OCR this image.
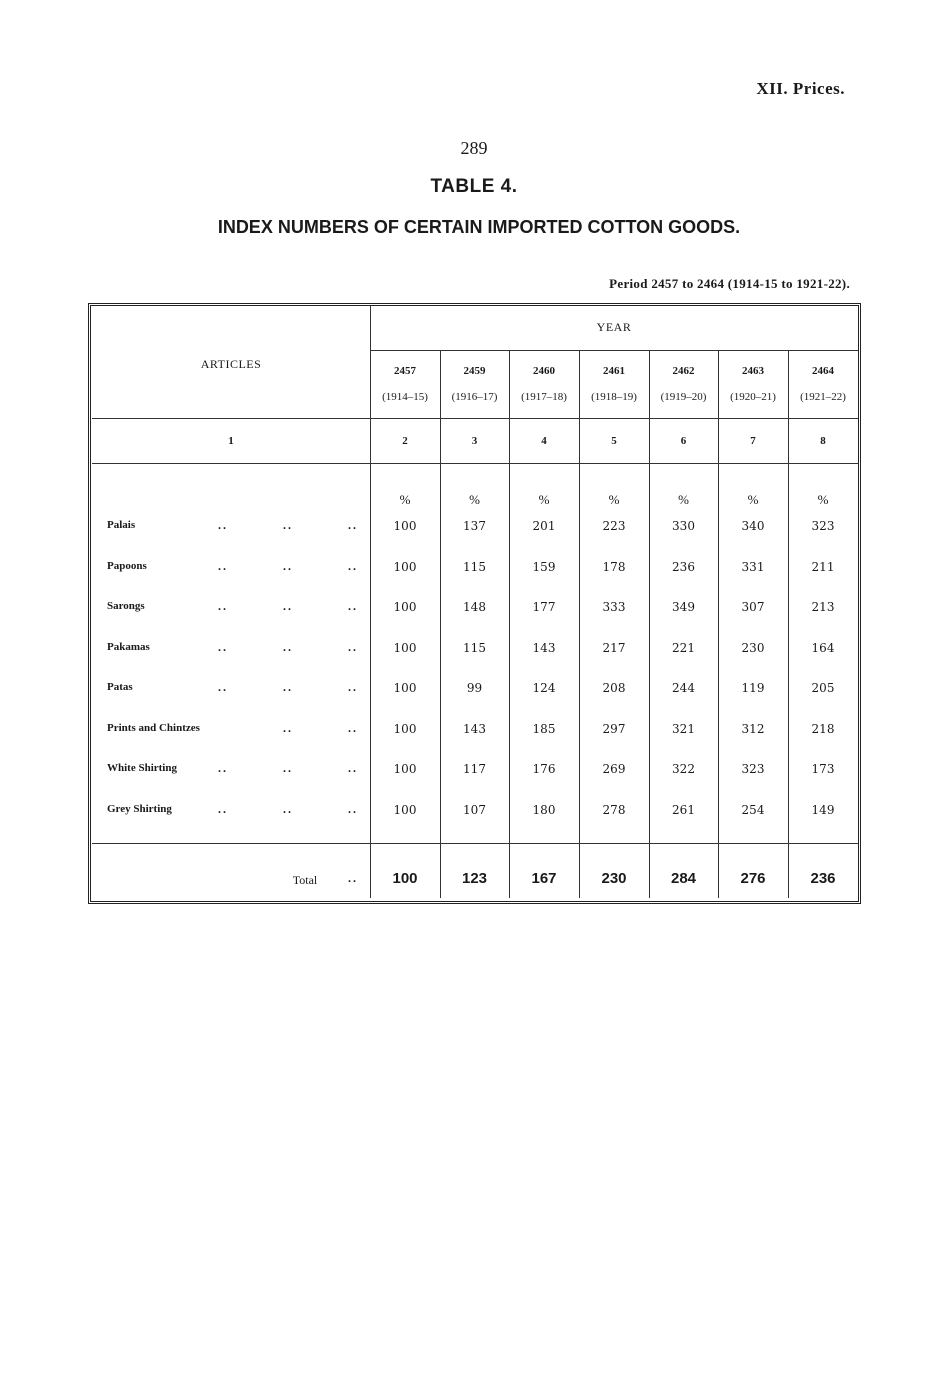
XII. Prices.
289
TABLE 4.
INDEX NUMBERS OF CERTAIN IMPORTED COTTON GOODS.
Period 2457 to 2464 (1914-15 to 1921-22).
ARTICLES
YEAR
2457	2459	2460	2461	2462	2463	2464
(1914–15)	(1916–17)	(1917–18)	(1918–19)	(1919–20)	(1920–21)	(1921–22)
1	2	3	4	5	6	7	8
%	%	%	%	%	%	%
Palais	..	..	..	100	137	201	223	330	340	323
Papoons	..	..	..	100	115	159	178	236	331	211
Sarongs	..	..	..	100	148	177	333	349	307	213
Pakamas	..	..	..	100	115	143	217	221	230	164
Patas	..	..	..	100	99	124	208	244	119	205
Prints and Chintzes	..	..	100	143	185	297	321	312	218
White Shirting	..	..	..	100	117	176	269	322	323	173
Grey Shirting	..	..	..	100	107	180	278	261	254	149
Total	..	100	123	167	230	284	276	236
